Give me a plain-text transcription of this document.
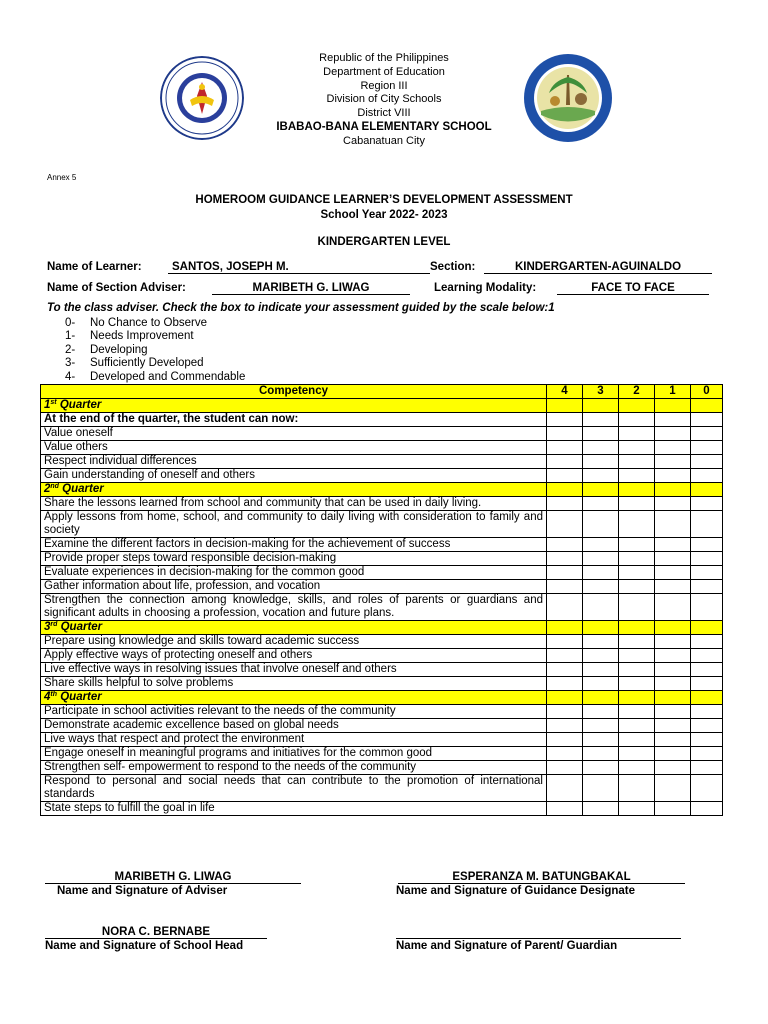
Republic of the Philippines
Department of Education
Region III
Division of City Schools
District VIII
IBABAO-BANA ELEMENTARY SCHOOL
Cabanatuan City
Annex 5
HOMEROOM GUIDANCE LEARNER’S DEVELOPMENT ASSESSMENT
School Year 2022- 2023
KINDERGARTEN LEVEL
Name of Learner:	SANTOS, JOSEPH M.	Section:	KINDERGARTEN-AGUINALDO
Name of Section Adviser:	MARIBETH G. LIWAG	Learning Modality:	FACE TO FACE
To the class adviser. Check the box to indicate your assessment guided by the scale below:1
0- No Chance to Observe
1- Needs Improvement
2- Developing
3- Sufficiently Developed
4- Developed and Commendable
Competency	4	3	2	1	0
1st Quarter					
At the end of the quarter, the student can now:					
Value oneself					
Value others					
Respect individual differences					
Gain understanding of oneself and others					
2nd Quarter					
Share the lessons learned from school and community that can be used in daily living.					
Apply lessons from home, school, and community to daily living with consideration to family and society					
Examine the different factors in decision-making for the achievement of success					
Provide proper steps toward responsible decision-making					
Evaluate experiences in decision-making for the common good					
Gather information about life, profession, and vocation					
Strengthen the connection among knowledge, skills, and roles of parents or guardians and significant adults in choosing a profession, vocation and future plans.					
3rd Quarter					
Prepare using knowledge and skills toward academic success					
Apply effective ways of protecting oneself and others					
Live effective ways in resolving issues that involve oneself and others					
Share skills helpful to solve problems					
4th Quarter					
Participate in school activities relevant to the needs of the community					
Demonstrate academic excellence based on global needs					
Live ways that respect and protect the environment					
Engage oneself in meaningful programs and initiatives for the common good					
Strengthen self- empowerment to respond to the needs of the community					
Respond to personal and social needs that can contribute to the promotion of international standards					
State steps to fulfill the goal in life					
MARIBETH G. LIWAG
Name and Signature of Adviser
ESPERANZA M. BATUNGBAKAL
Name and Signature of Guidance Designate
NORA C. BERNABE
Name and Signature of School Head	Name and Signature of Parent/ Guardian
